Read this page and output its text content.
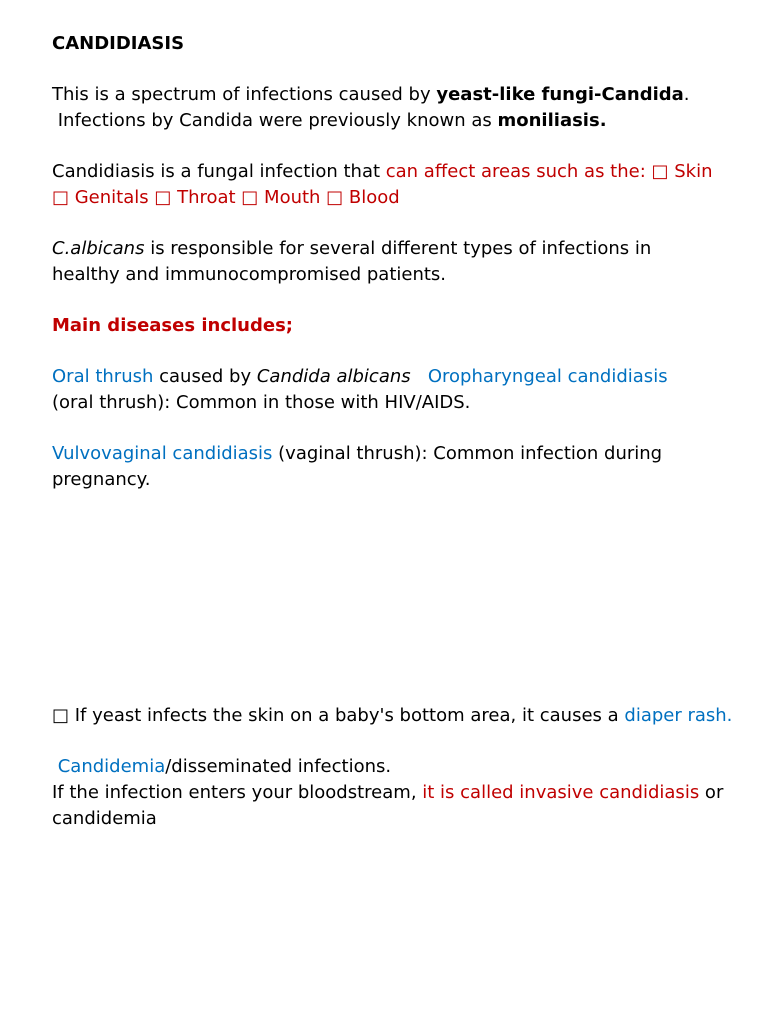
CANDIDIASIS
This is a spectrum of infections caused by yeast-like fungi-Candida.
Infections by Candida were previously known as moniliasis.
Candidiasis is a fungal infection that can affect areas such as the: □ Skin
□ Genitals □ Throat □ Mouth □ Blood
C.albicans is responsible for several different types of infections in
healthy and immunocompromised patients.
Main diseases includes;
Oral thrush caused by Candida albicans Oropharyngeal candidiasis
(oral thrush): Common in those with HIV/AIDS.
Vulvovaginal candidiasis (vaginal thrush): Common infection during
pregnancy.
□ If yeast infects the skin on a baby's bottom area, it causes a diaper rash.
Candidemia/disseminated infections.
If the infection enters your bloodstream, it is called invasive candidiasis or
candidemia
